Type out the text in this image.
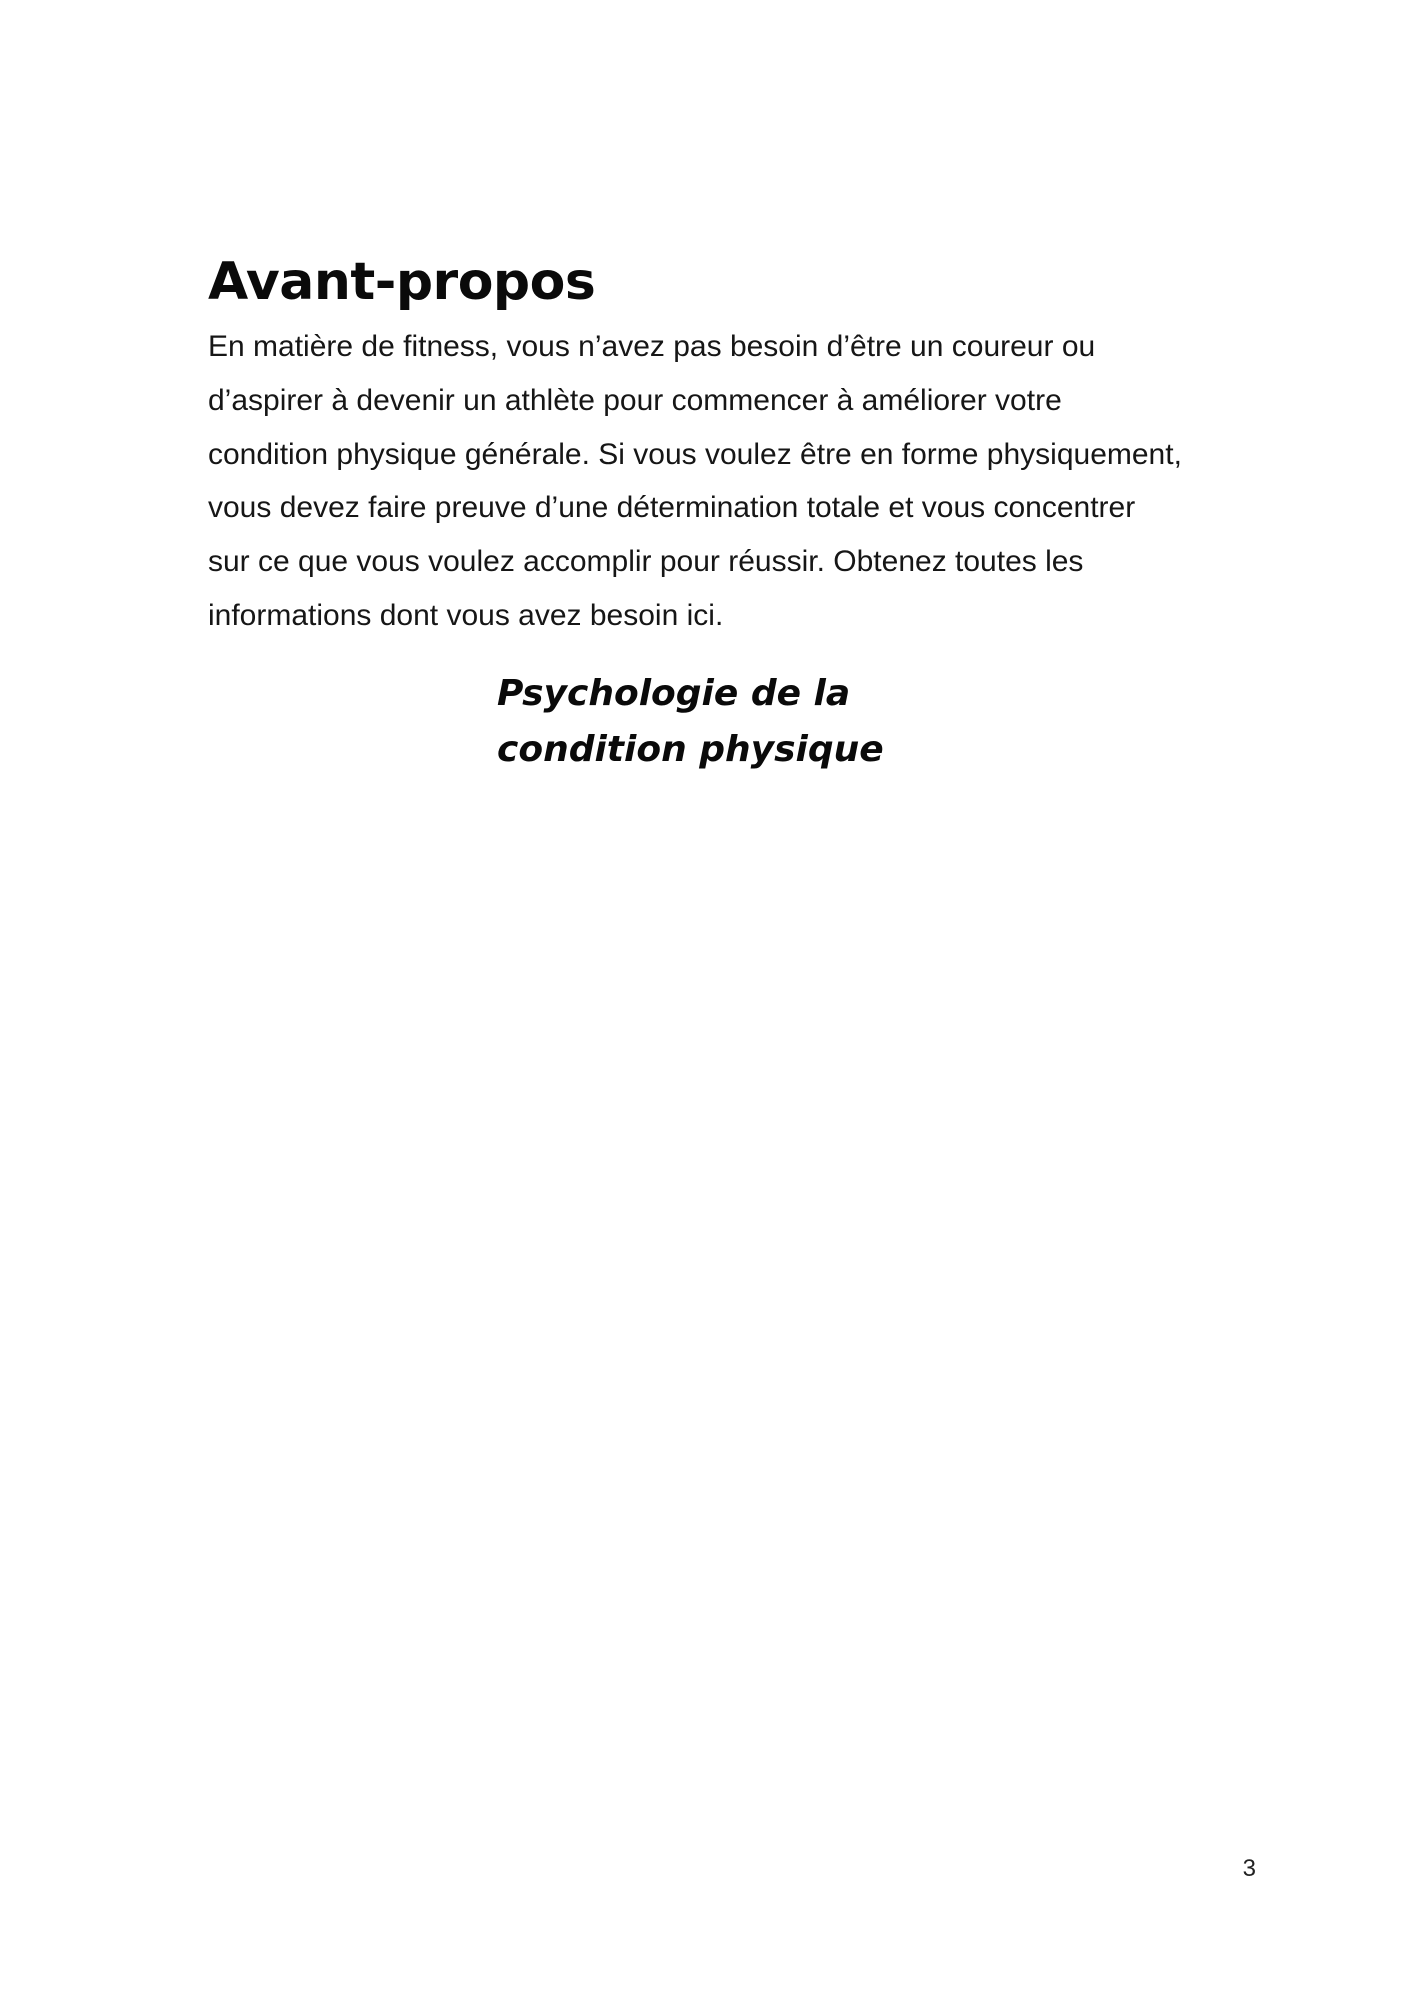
Avant-propos
En matière de fitness, vous n’avez pas besoin d’être un coureur ou
d’aspirer à devenir un athlète pour commencer à améliorer votre
condition physique générale. Si vous voulez être en forme physiquement,
vous devez faire preuve d’une détermination totale et vous concentrer
sur ce que vous voulez accomplir pour réussir. Obtenez toutes les
informations dont vous avez besoin ici.
Psychologie de la
condition physique
3
